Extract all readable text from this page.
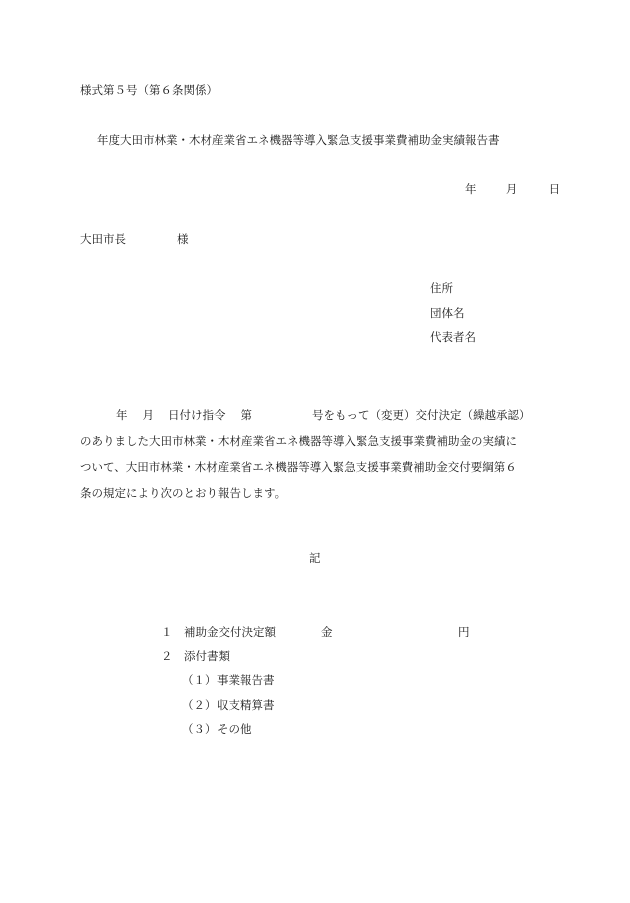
様式第５号（第６条関係）
年度大田市林業・木材産業省エネ機器等導入緊急支援事業費補助金実績報告書
年	月	日
大田市長	様
住所
団体名
代表者名
年 月 日付け指令 第	号をもって（変更）交付決定（繰越承認）
のありました大田市林業・木材産業省エネ機器等導入緊急支援事業費補助金の実績に
ついて、大田市林業・木材産業省エネ機器等導入緊急支援事業費補助金交付要綱第６
条の規定により次のとおり報告します。
記
１ 補助金交付決定額	金	円
２ 添付書類
（１） 事業報告書
（２） 収支精算書
（３） その他
